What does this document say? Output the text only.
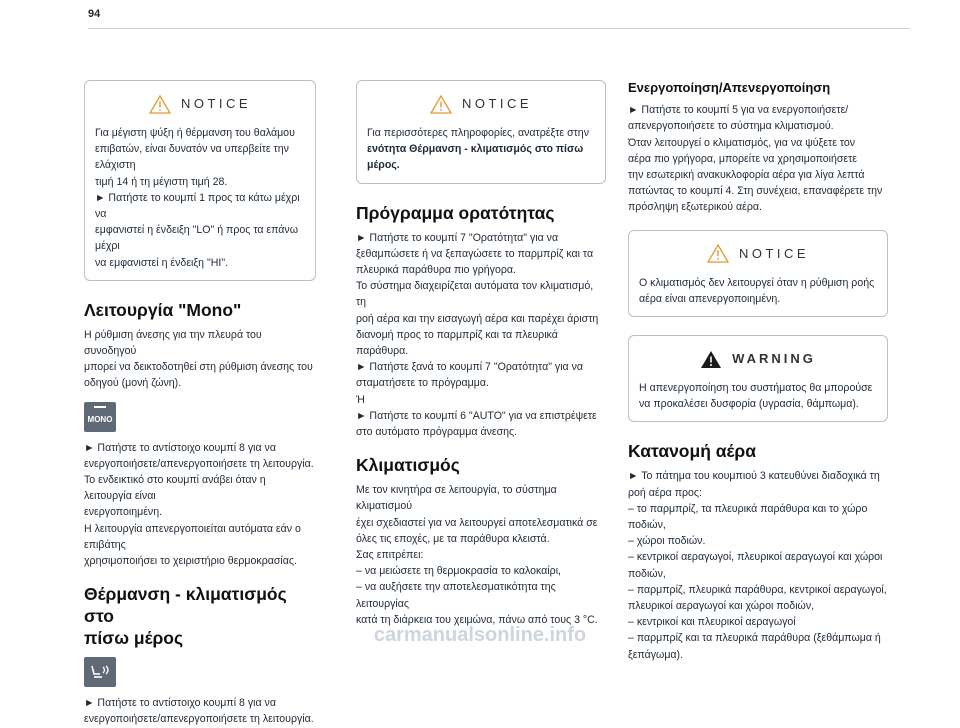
94
NOTICE

Για μέγιστη ψύξη ή θέρμανση του θαλάμου

επιβατών, είναι δυνατόν να υπερβείτε την ελάχιστη

τιμή 14 ή τη μέγιστη τιμή 28.

► Πατήστε το κουμπί 1 προς τα κάτω μέχρι να

εμφανιστεί η ένδειξη "LO" ή προς τα επάνω μέχρι

να εμφανιστεί η ένδειξη "HI".

Λειτουργία "Mono"

Η ρύθμιση άνεσης για την πλευρά του συνοδηγού

μπορεί να δεικτοδοτηθεί στη ρύθμιση άνεσης του

οδηγού (μονή ζώνη).

MONO

► Πατήστε το αντίστοιχο κουμπί 8 για να

ενεργοποιήσετε/απενεργοποιήσετε τη λειτουργία.

Το ενδεικτικό στο κουμπί ανάβει όταν η λειτουργία είναι

ενεργοποιημένη.

Η λειτουργία απενεργοποιείται αυτόματα εάν ο επιβάτης

χρησιμοποιήσει το χειριστήριο θερμοκρασίας.

Θέρμανση - κλιματισμός στο
πίσω μέρος

► Πατήστε το αντίστοιχο κουμπί 8 για να

ενεργοποιήσετε/απενεργοποιήσετε τη λειτουργία.

NOTICE

Για περισσότερες πληροφορίες, ανατρέξτε στην

ενότητα Θέρμανση - κλιματισμός στο πίσω

μέρος.

Πρόγραμμα ορατότητας

► Πατήστε το κουμπί 7 "Ορατότητα" για να

ξεθαμπώσετε ή να ξεπαγώσετε το παρμπρίζ και τα

πλευρικά παράθυρα πιο γρήγορα.

Το σύστημα διαχειρίζεται αυτόματα τον κλιματισμό, τη

ροή αέρα και την εισαγωγή αέρα και παρέχει άριστη

διανομή προς το παρμπρίζ και τα πλευρικά παράθυρα.

► Πατήστε ξανά το κουμπί 7 "Ορατότητα" για να

σταματήσετε το πρόγραμμα.

Ή

► Πατήστε το κουμπί 6 "AUTO" για να επιστρέψετε

στο αυτόματο πρόγραμμα άνεσης.

Κλιματισμός

Με τον κινητήρα σε λειτουργία, το σύστημα κλιματισμού

έχει σχεδιαστεί για να λειτουργεί αποτελεσματικά σε

όλες τις εποχές, με τα παράθυρα κλειστά.

Σας επιτρέπει:

– να μειώσετε τη θερμοκρασία το καλοκαίρι,

– να αυξήσετε την αποτελεσματικότητα της λειτουργίας

κατά τη διάρκεια του χειμώνα, πάνω από τους 3 °C.

Ενεργοποίηση/Απενεργοποίηση

► Πατήστε το κουμπί 5 για να ενεργοποιήσετε/

απενεργοποιήσετε το σύστημα κλιματισμού.

Όταν λειτουργεί ο κλιματισμός, για να ψύξετε τον

αέρα πιο γρήγορα, μπορείτε να χρησιμοποιήσετε

την εσωτερική ανακυκλοφορία αέρα για λίγα λεπτά

πατώντας το κουμπί 4. Στη συνέχεια, επαναφέρετε την

πρόσληψη εξωτερικού αέρα.

NOTICE

Ο κλιματισμός δεν λειτουργεί όταν η ρύθμιση ροής

αέρα είναι απενεργοποιημένη.

WARNING

Η απενεργοποίηση του συστήματος θα μπορούσε

να προκαλέσει δυσφορία (υγρασία, θάμπωμα).

Κατανομή αέρα

► Το πάτημα του κουμπιού 3 κατευθύνει διαδοχικά τη

ροή αέρα προς:

– το παρμπρίζ, τα πλευρικά παράθυρα και το χώρο

ποδιών,

– χώροι ποδιών.

– κεντρικοί αεραγωγοί, πλευρικοί αεραγωγοί και χώροι

ποδιών,

– παρμπρίζ, πλευρικά παράθυρα, κεντρικοί αεραγωγοί,

πλευρικοί αεραγωγοί και χώροι ποδιών,

– κεντρικοί και πλευρικοί αεραγωγοί

– παρμπρίζ και τα πλευρικά παράθυρα (ξεθάμπωμα ή

ξεπάγωμα).

carmanualsonline.info
